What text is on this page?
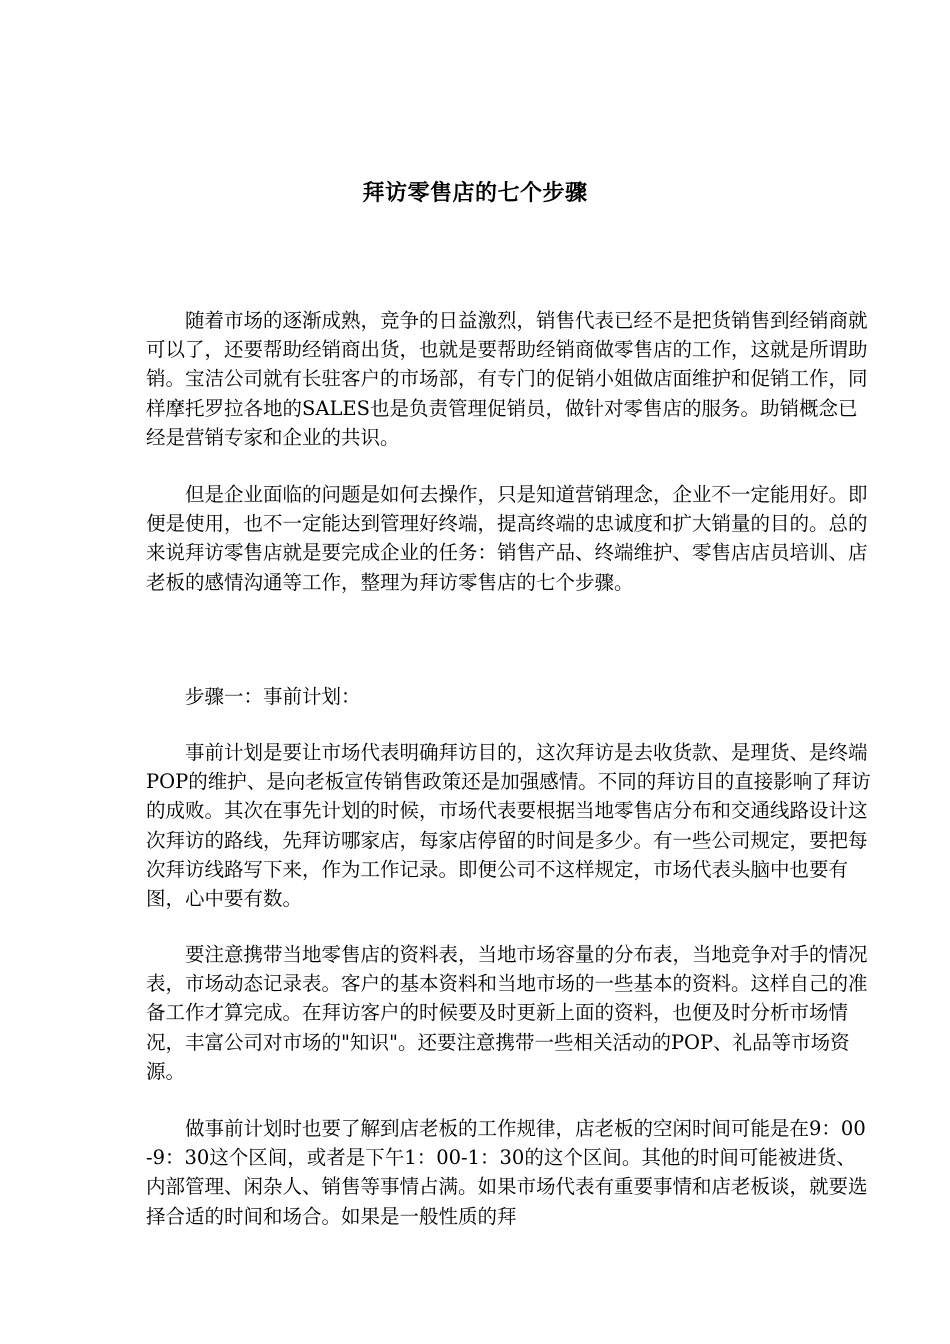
拜访零售店的七个步骤

随着市场的逐渐成熟，竞争的日益激烈，销售代表已经不是把货销售到经销商就可以了，还要帮助经销商出货，也就是要帮助经销商做零售店的工作，这就是所谓助销。宝洁公司就有长驻客户的市场部，有专门的促销小姐做店面维护和促销工作，同样摩托罗拉各地的SALES也是负责管理促销员，做针对零售店的服务。助销概念已经是营销专家和企业的共识。

但是企业面临的问题是如何去操作，只是知道营销理念，企业不一定能用好。即便是使用，也不一定能达到管理好终端，提高终端的忠诚度和扩大销量的目的。总的来说拜访零售店就是要完成企业的任务：销售产品、终端维护、零售店店员培训、店老板的感情沟通等工作，整理为拜访零售店的七个步骤。

步骤一：事前计划：

事前计划是要让市场代表明确拜访目的，这次拜访是去收货款、是理货、是终端POP的维护、是向老板宣传销售政策还是加强感情。不同的拜访目的直接影响了拜访的成败。其次在事先计划的时候，市场代表要根据当地零售店分布和交通线路设计这次拜访的路线，先拜访哪家店，每家店停留的时间是多少。有一些公司规定，要把每次拜访线路写下来，作为工作记录。即便公司不这样规定，市场代表头脑中也要有图，心中要有数。

要注意携带当地零售店的资料表，当地市场容量的分布表，当地竞争对手的情况表，市场动态记录表。客户的基本资料和当地市场的一些基本的资料。这样自己的准备工作才算完成。在拜访客户的时候要及时更新上面的资料，也便及时分析市场情况，丰富公司对市场的"知识"。还要注意携带一些相关活动的POP、礼品等市场资源。

做事前计划时也要了解到店老板的工作规律，店老板的空闲时间可能是在9：00-9：30这个区间，或者是下午1：00-1：30的这个区间。其他的时间可能被进货、内部管理、闲杂人、销售等事情占满。如果市场代表有重要事情和店老板谈，就要选择合适的时间和场合。如果是一般性质的拜
